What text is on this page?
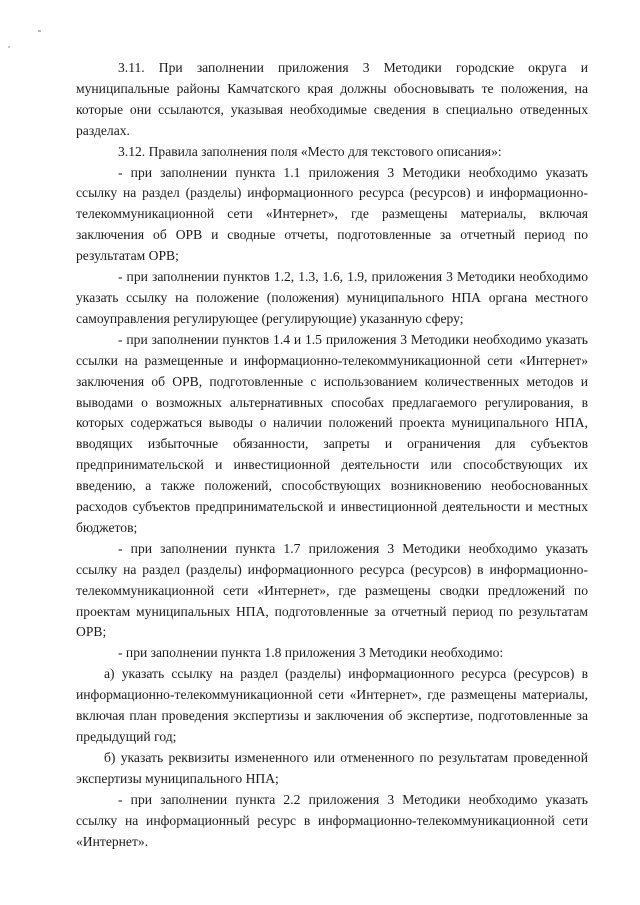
3.11. При заполнении приложения 3 Методики городские округа и муниципальные районы Камчатского края должны обосновывать те положения, на которые они ссылаются, указывая необходимые сведения в специально отведенных разделах.

3.12. Правила заполнения поля «Место для текстового описания»:

- при заполнении пункта 1.1 приложения 3 Методики необходимо указать ссылку на раздел (разделы) информационного ресурса (ресурсов) и информационно-телекоммуникационной сети «Интернет», где размещены материалы, включая заключения об ОРВ и сводные отчеты, подготовленные за отчетный период по результатам ОРВ;

- при заполнении пунктов 1.2, 1.3, 1.6, 1.9, приложения 3 Методики необходимо указать ссылку на положение (положения) муниципального НПА органа местного самоуправления регулирующее (регулирующие) указанную сферу;

- при заполнении пунктов 1.4 и 1.5 приложения 3 Методики необходимо указать ссылки на размещенные и информационно-телекоммуникационной сети «Интернет» заключения об ОРВ, подготовленные с использованием количественных методов и выводами о возможных альтернативных способах предлагаемого регулирования, в которых содержаться выводы о наличии положений проекта муниципального НПА, вводящих избыточные обязанности, запреты и ограничения для субъектов предпринимательской и инвестиционной деятельности или способствующих их введению, а также положений, способствующих возникновению необоснованных расходов субъектов предпринимательской и инвестиционной деятельности и местных бюджетов;

- при заполнении пункта 1.7 приложения 3 Методики необходимо указать ссылку на раздел (разделы) информационного ресурса (ресурсов) в информационно-телекоммуникационной сети «Интернет», где размещены сводки предложений по проектам муниципальных НПА, подготовленные за отчетный период по результатам ОРВ;

- при заполнении пункта 1.8 приложения 3 Методики необходимо:

а) указать ссылку на раздел (разделы) информационного ресурса (ресурсов) в информационно-телекоммуникационной сети «Интернет», где размещены материалы, включая план проведения экспертизы и заключения об экспертизе, подготовленные за предыдущий год;

б) указать реквизиты измененного или отмененного по результатам проведенной экспертизы муниципального НПА;

- при заполнении пункта 2.2 приложения 3 Методики необходимо указать ссылку на информационный ресурс в информационно-телекоммуникационной сети «Интернет».
